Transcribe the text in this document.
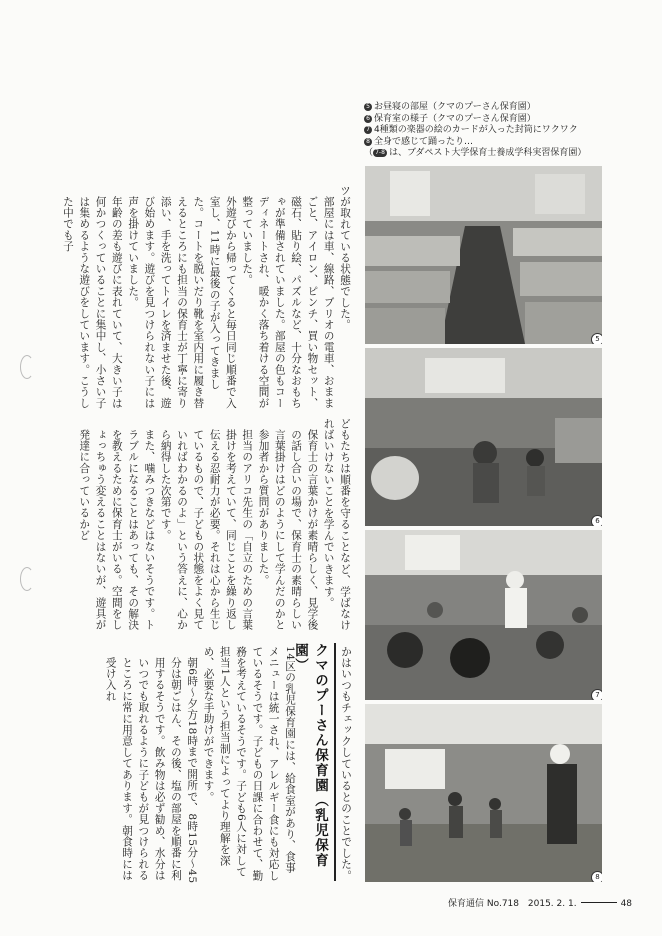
ツが取れている状態でした。
部屋には車、線路、ブリオの電車、おままごと、アイロン、ピンチ、買い物セット、磁石、貼り絵、パズルなど、十分なおもちゃが準備されていました。部屋の色もコーディネートされ、暖かく落ち着ける空間が整っていました。
外遊びから帰ってくると毎日同じ順番で入室し、11時に最後の子が入ってきました。コートを脱いだり靴を室内用に履き替えるところにも担当の保育士が丁寧に寄り添い、手を洗ってトイレを済ませた後、遊び始めます。遊びを見つけられない子には声を掛けていました。
年齢の差も遊びに表れていて、大きい子は何かつくっていることに集中し、小さい子は集めるような遊びをしています。こうした中でも子
どもたちは順番を守ることなど、学ばなければいけないことを学んでいきます。
保育士の言葉かけが素晴らしく、見学後の話し合いの場で、保育士の素晴らしい言葉掛けはどのようにして学んだのかと参加者から質問がありました。
担当のアリコ先生の「自立のための言葉掛けを考えていて、同じことを繰り返し伝える忍耐力が必要。それは心から生じているもので、子どもの状態をよく見ていればわかるのよ」という答えに、心から納得した次第です。
また、噛みつきなどはないそうです。トラブルになることはあっても、その解決を教えるために保育士がいる。空間をしょっちゅう変えることはないが、遊具が発達に合っているかど
かはいつもチェックしているとのことでした。
クマのプーさん保育園（乳児保育園）
14区の乳児保育園には、給食室があり、食事メニューは統一され、アレルギー食にも対応しているそうです。子どもの日課に合わせて、勤務を考えているそうです。子ども6人に対して担当1人という担当制によってより理解を深め、必要な手助けができます。
朝6時～夕方18時まで開所で、8時15分～45分は朝ごはん、その後、塩の部屋を順番に利用するそうです。飲み物は必ず勧め、水分はいつでも取れるように子どもが見つけられるところに常に用意してあります。朝食時には受け入れ
5 お昼寝の部屋（クマのプーさん保育園）
6 保育室の様子（クマのプーさん保育園）
7 4種類の楽器の絵のカードが入った封筒にワクワク
8 全身で感じて踊ったり…
（ 7-8 は、ブダペスト大学保育士養成学科実習保育園）
5
6
7
8
保育通信 No.718 2015. 2. 1.	48
